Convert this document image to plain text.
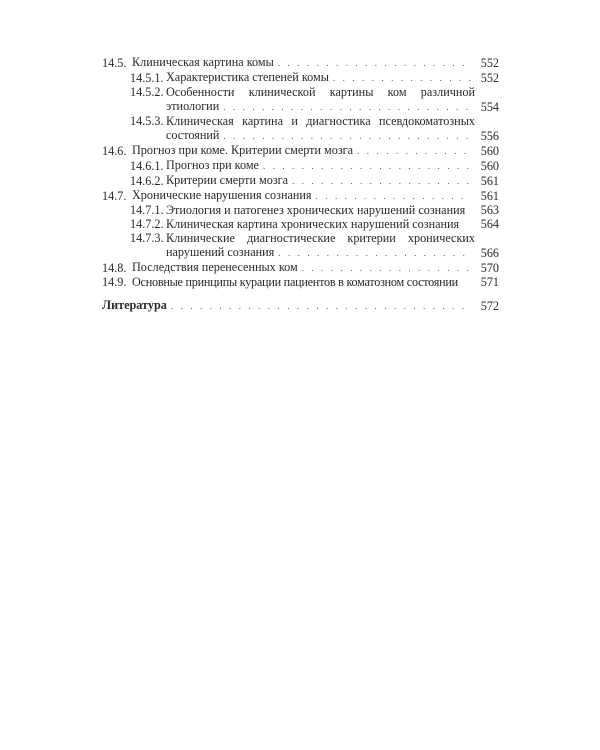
14.5. Клиническая картина комы . . .	552
14.5.1. Характеристика степеней комы . . .	552
14.5.2. Особенности клинической картины ком различной
этиологии . . .	554
14.5.3. Клиническая картина и диагностика псевдокоматозных
состояний . . .	556
14.6. Прогноз при коме. Критерии смерти мозга . . .	560
14.6.1. Прогноз при коме . . .	560
14.6.2. Критерии смерти мозга . . .	561
14.7. Хронические нарушения сознания . . .	561
14.7.1. Этиология и патогенез хронических нарушений сознания	563
14.7.2. Клиническая картина хронических нарушений сознания	564
14.7.3. Клинические диагностические критерии хронических
нарушений сознания . . .	566
14.8. Последствия перенесенных ком . . .	570
14.9. Основные принципы курации пациентов в коматозном состоянии	571
Литература . . .	572
